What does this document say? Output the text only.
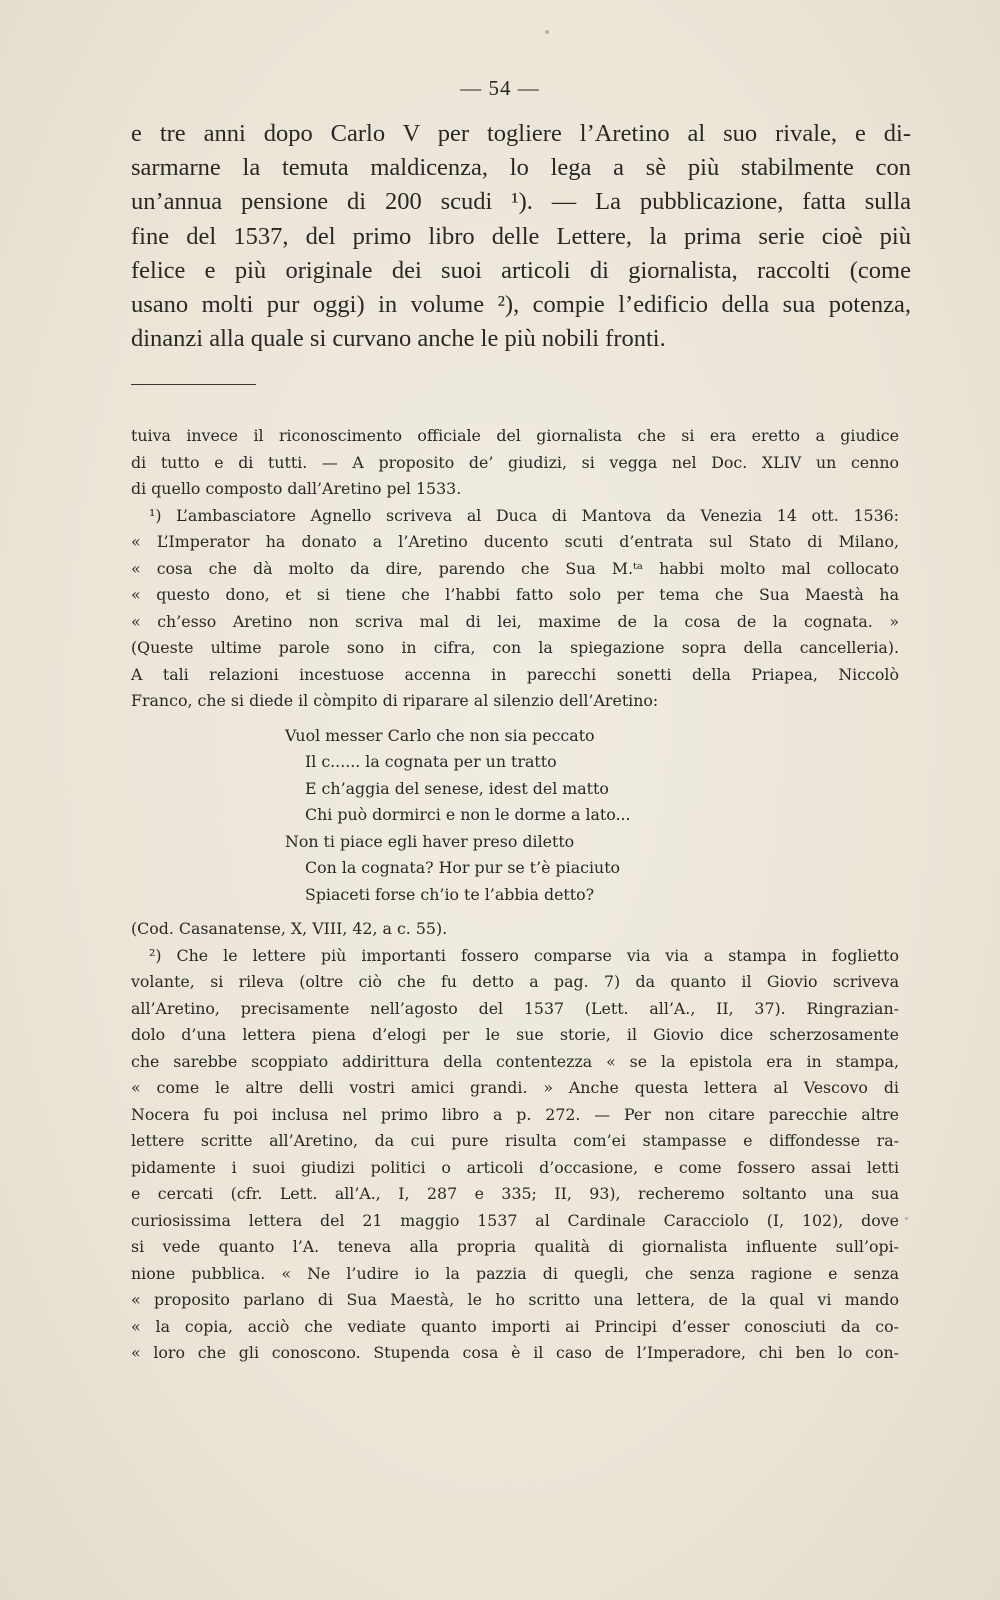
— 54 —
e tre anni dopo Carlo V per togliere l’Aretino al suo rivale, e di-
sarmarne la temuta maldicenza, lo lega a sè più stabilmente con
un’annua pensione di 200 scudi ¹). — La pubblicazione, fatta sulla
fine del 1537, del primo libro delle Lettere, la prima serie cioè più
felice e più originale dei suoi articoli di giornalista, raccolti (come
usano molti pur oggi) in volume ²), compie l’edificio della sua potenza,
dinanzi alla quale si curvano anche le più nobili fronti.
tuiva invece il riconoscimento officiale del giornalista che si era eretto a giudice
di tutto e di tutti. — A proposito de’ giudizi, si vegga nel Doc. XLIV un cenno
di quello composto dall’Aretino pel 1533.
¹) L’ambasciatore Agnello scriveva al Duca di Mantova da Venezia 14 ott. 1536:
« L’Imperator ha donato a l’Aretino ducento scuti d’entrata sul Stato di Milano,
« cosa che dà molto da dire, parendo che Sua M.ᵗᵃ habbi molto mal collocato
« questo dono, et si tiene che l’habbi fatto solo per tema che Sua Maestà ha
« ch’esso Aretino non scriva mal di lei, maxime de la cosa de la cognata. »
(Queste ultime parole sono in cifra, con la spiegazione sopra della cancelleria).
A tali relazioni incestuose accenna in parecchi sonetti della Priapea, Niccolò
Franco, che si diede il còmpito di riparare al silenzio dell’Aretino:
Vuol messer Carlo che non sia peccato
Il c...... la cognata per un tratto
E ch’aggia del senese, idest del matto
Chi può dormirci e non le dorme a lato...
Non ti piace egli haver preso diletto
Con la cognata? Hor pur se t’è piaciuto
Spiaceti forse ch’io te l’abbia detto?
(Cod. Casanatense, X, VIII, 42, a c. 55).
²) Che le lettere più importanti fossero comparse via via a stampa in foglietto
volante, si rileva (oltre ciò che fu detto a pag. 7) da quanto il Giovio scriveva
all’Aretino, precisamente nell’agosto del 1537 (Lett. all’A., II, 37). Ringrazian-
dolo d’una lettera piena d’elogi per le sue storie, il Giovio dice scherzosamente
che sarebbe scoppiato addirittura della contentezza « se la epistola era in stampa,
« come le altre delli vostri amici grandi. » Anche questa lettera al Vescovo di
Nocera fu poi inclusa nel primo libro a p. 272. — Per non citare parecchie altre
lettere scritte all’Aretino, da cui pure risulta com’ei stampasse e diffondesse ra-
pidamente i suoi giudizi politici o articoli d’occasione, e come fossero assai letti
e cercati (cfr. Lett. all’A., I, 287 e 335; II, 93), recheremo soltanto una sua
curiosissima lettera del 21 maggio 1537 al Cardinale Caracciolo (I, 102), dove
si vede quanto l’A. teneva alla propria qualità di giornalista influente sull’opi-
nione pubblica. « Ne l’udire io la pazzia di quegli, che senza ragione e senza
« proposito parlano di Sua Maestà, le ho scritto una lettera, de la qual vi mando
« la copia, acciò che vediate quanto importi ai Principi d’esser conosciuti da co-
« loro che gli conoscono. Stupenda cosa è il caso de l’Imperadore, chi ben lo con-
